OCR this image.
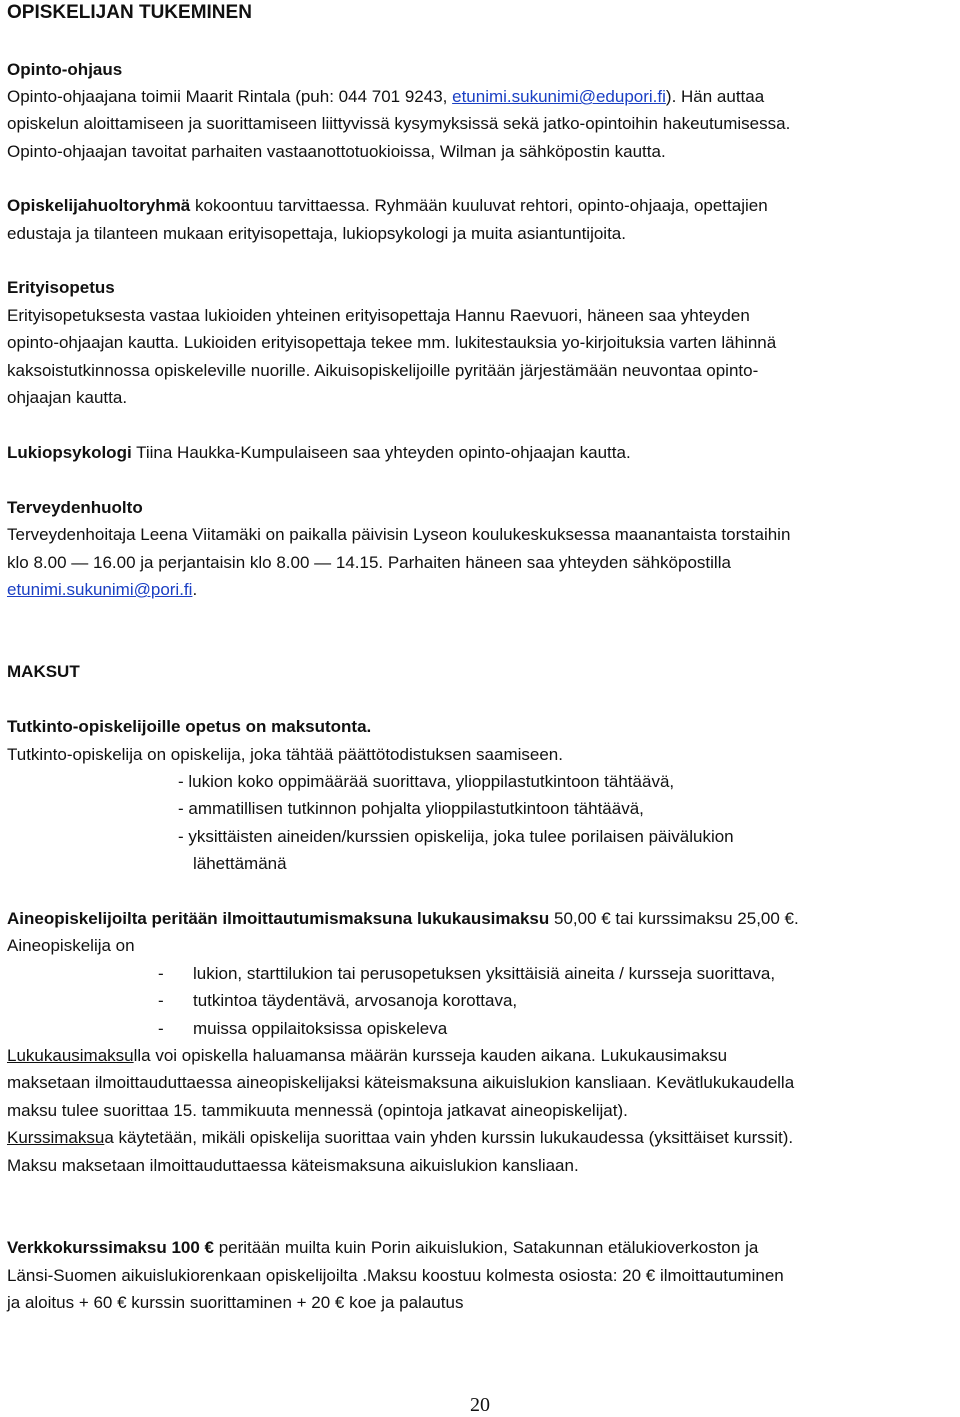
OPISKELIJAN TUKEMINEN
Opinto-ohjaus
Opinto-ohjaajana toimii Maarit Rintala (puh: 044 701 9243, etunimi.sukunimi@edupori.fi). Hän auttaa
opiskelun aloittamiseen ja suorittamiseen liittyvissä kysymyksissä sekä jatko-opintoihin hakeutumisessa.
Opinto-ohjaajan tavoitat parhaiten vastaanottotuokioissa, Wilman ja sähköpostin kautta.
Opiskelijahuoltoryhmä kokoontuu tarvittaessa. Ryhmään kuuluvat rehtori, opinto-ohjaaja, opettajien
edustaja ja tilanteen mukaan erityisopettaja, lukiopsykologi ja muita asiantuntijoita.
Erityisopetus
Erityisopetuksesta vastaa lukioiden yhteinen erityisopettaja Hannu Raevuori, häneen saa yhteyden
opinto-ohjaajan kautta. Lukioiden erityisopettaja tekee mm. lukitestauksia yo-kirjoituksia varten lähinnä
kaksoistutkinnossa opiskeleville nuorille. Aikuisopiskelijoille pyritään järjestämään neuvontaa opinto-
ohjaajan kautta.
Lukiopsykologi Tiina Haukka-Kumpulaiseen saa yhteyden opinto-ohjaajan kautta.
Terveydenhuolto
Terveydenhoitaja Leena Viitamäki on paikalla päivisin Lyseon koulukeskuksessa maanantaista torstaihin
klo 8.00 — 16.00 ja perjantaisin klo 8.00 — 14.15. Parhaiten häneen saa yhteyden sähköpostilla
etunimi.sukunimi@pori.fi.
MAKSUT
Tutkinto-opiskelijoille opetus on maksutonta.
Tutkinto-opiskelija on opiskelija, joka tähtää päättötodistuksen saamiseen.
- lukion koko oppimäärää suorittava, ylioppilastutkintoon tähtäävä,
- ammatillisen tutkinnon pohjalta ylioppilastutkintoon tähtäävä,
- yksittäisten aineiden/kurssien opiskelija, joka tulee porilaisen päivälukion
lähettämänä
Aineopiskelijoilta peritään ilmoittautumismaksuna lukukausimaksu 50,00 € tai kurssimaksu 25,00 €.
Aineopiskelija on
- lukion, starttilukion tai perusopetuksen yksittäisiä aineita / kursseja suorittava,
- tutkintoa täydentävä, arvosanoja korottava,
- muissa oppilaitoksissa opiskeleva
Lukukausimaksulla voi opiskella haluamansa määrän kursseja kauden aikana. Lukukausimaksu
maksetaan ilmoittauduttaessa aineopiskelijaksi käteismaksuna aikuislukion kansliaan. Kevätlukukaudella
maksu tulee suorittaa 15. tammikuuta mennessä (opintoja jatkavat aineopiskelijat).
Kurssimaksua käytetään, mikäli opiskelija suorittaa vain yhden kurssin lukukaudessa (yksittäiset kurssit).
Maksu maksetaan ilmoittauduttaessa käteismaksuna aikuislukion kansliaan.
Verkkokurssimaksu 100 € peritään muilta kuin Porin aikuislukion, Satakunnan etälukioverkoston ja
Länsi-Suomen aikuislukiorenkaan opiskelijoilta .Maksu koostuu kolmesta osiosta: 20 € ilmoittautuminen
ja aloitus + 60 € kurssin suorittaminen + 20 € koe ja palautus
20
